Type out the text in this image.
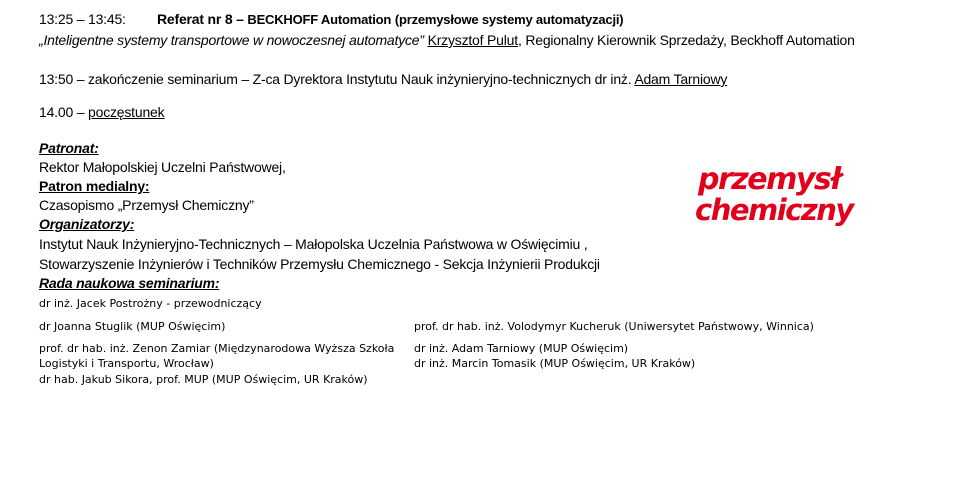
13:25 – 13:45: Referat nr 8 – BECKHOFF Automation (przemysłowe systemy automatyzacji)
„Inteligentne systemy transportowe w nowoczesnej automatyce” Krzysztof Pulut, Regionalny Kierownik Sprzedaży, Beckhoff Automation
13:50 – zakończenie seminarium – Z-ca Dyrektora Instytutu Nauk inżynieryjno-technicznych dr inż. Adam Tarniowy
14.00 – poczęstunek
Patronat:
Rektor Małopolskiej Uczelni Państwowej,
Patron medialny:
Czasopismo „Przemysł Chemiczny”
Organizatorzy:
Instytut Nauk Inżynieryjno-Technicznych – Małopolska Uczelnia Państwowa w Oświęcimiu ,
Stowarzyszenie Inżynierów i Techników Przemysłu Chemicznego - Sekcja Inżynierii Produkcji
Rada naukowa seminarium:
dr inż. Jacek Postrożny - przewodniczący
dr Joanna Stuglik (MUP Oświęcim)
prof. dr hab. inż. Zenon Zamiar (Międzynarodowa Wyższa Szkoła
Logistyki i Transportu, Wrocław)
dr hab. Jakub Sikora, prof. MUP (MUP Oświęcim, UR Kraków)
prof. dr hab. inż. Volodymyr Kucheruk (Uniwersytet Państwowy, Winnica)
dr inż. Adam Tarniowy (MUP Oświęcim)
dr inż. Marcin Tomasik (MUP Oświęcim, UR Kraków)
przemysł
chemiczny
